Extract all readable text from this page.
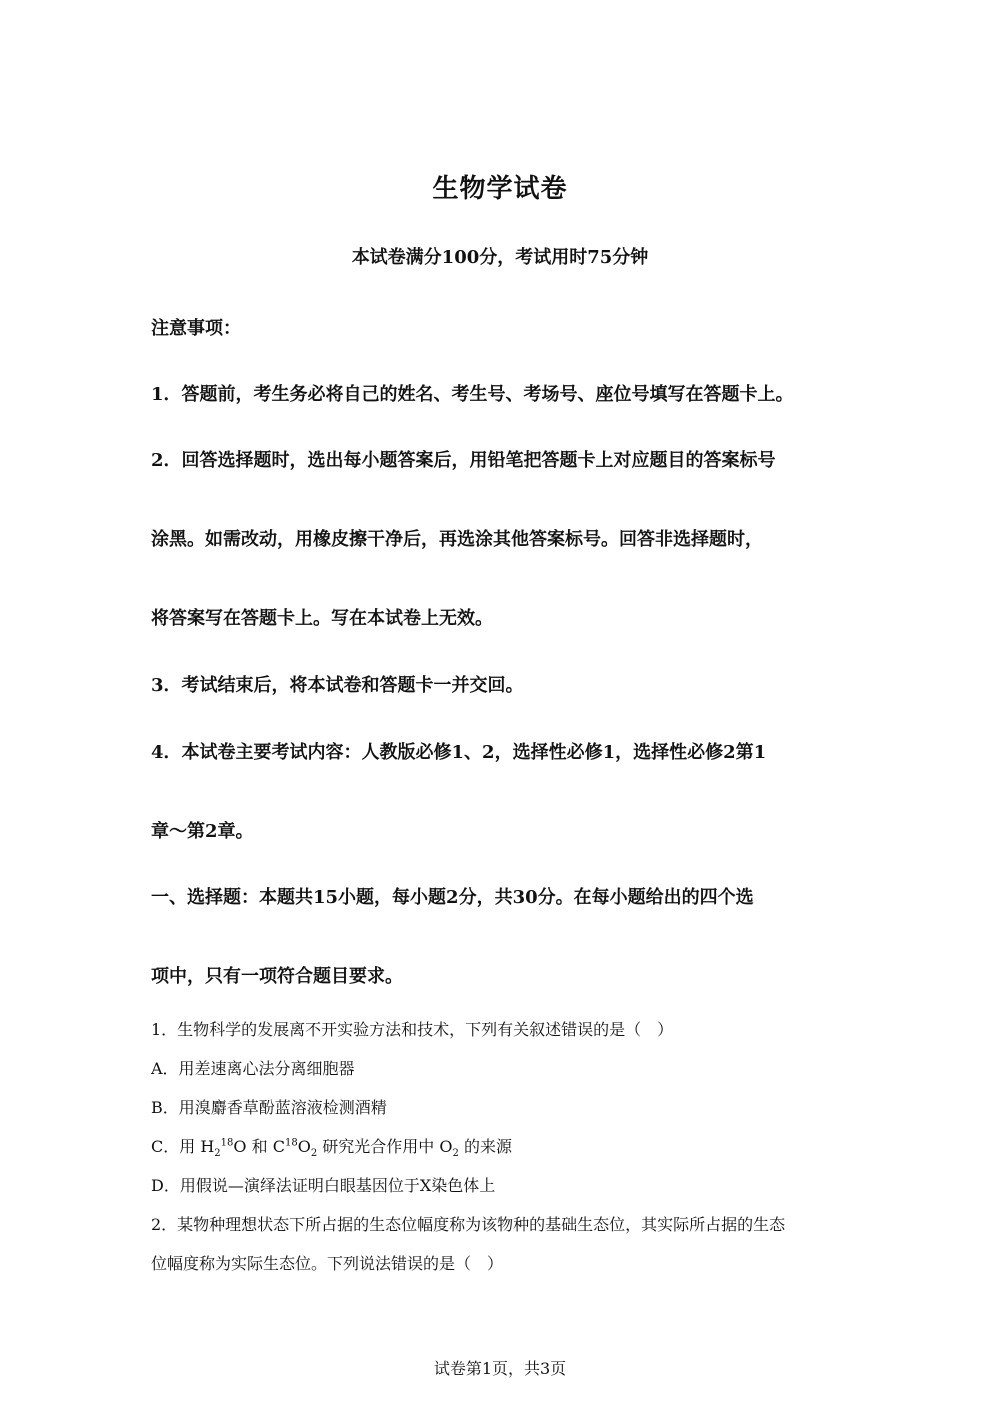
生物学试卷
本试卷满分100分，考试用时75分钟
注意事项：
1．答题前，考生务必将自己的姓名、考生号、考场号、座位号填写在答题卡上。
2．回答选择题时，选出每小题答案后，用铅笔把答题卡上对应题目的答案标号
涂黑。如需改动，用橡皮擦干净后，再选涂其他答案标号。回答非选择题时，
将答案写在答题卡上。写在本试卷上无效。
3．考试结束后，将本试卷和答题卡一并交回。
4．本试卷主要考试内容：人教版必修1、2，选择性必修1，选择性必修2第1
章～第2章。
一、选择题：本题共15小题，每小题2分，共30分。在每小题给出的四个选
项中，只有一项符合题目要求。
1．生物科学的发展离不开实验方法和技术，下列有关叙述错误的是（　）
A．用差速离心法分离细胞器
B．用溴麝香草酚蓝溶液检测酒精
C．用 $H_2^{18}O$ 和 $C^{18}O_2$ 研究光合作用中 $O_2$ 的来源
D．用假说—演绎法证明白眼基因位于X染色体上
2．某物种理想状态下所占据的生态位幅度称为该物种的基础生态位，其实际所占据的生态
位幅度称为实际生态位。下列说法错误的是（　）
试卷第1页，共3页
